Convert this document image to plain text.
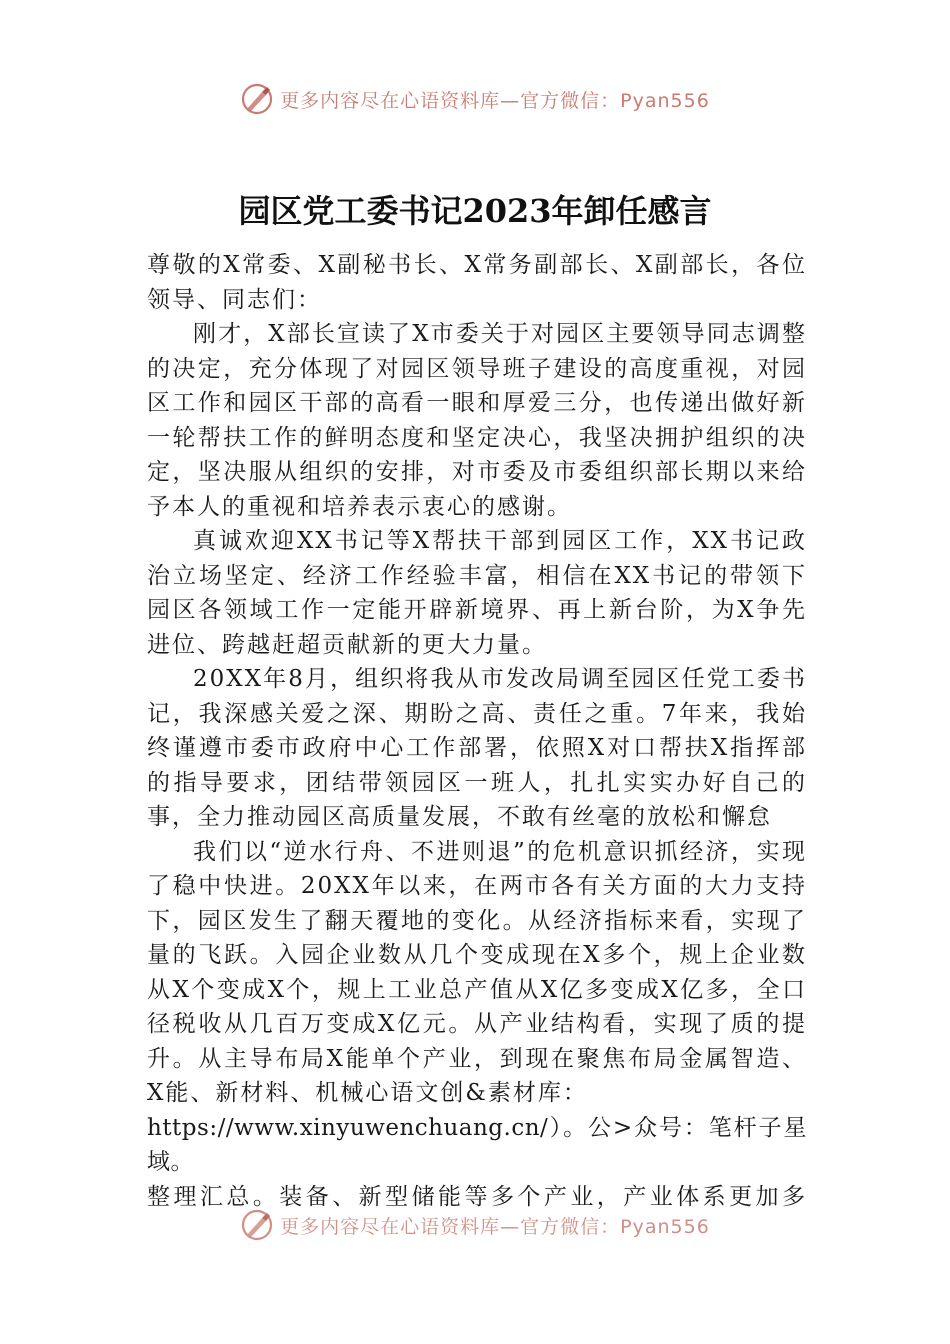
更多内容尽在心语资料库—官方微信：Pyan556
园区党工委书记2023年卸任感言

尊敬的X常委、X副秘书长、X常务副部长、X副部长，各位领导、同志们：

刚才，X部长宣读了X市委关于对园区主要领导同志调整的决定，充分体现了对园区领导班子建设的高度重视，对园区工作和园区干部的高看一眼和厚爱三分，也传递出做好新一轮帮扶工作的鲜明态度和坚定决心，我坚决拥护组织的决定，坚决服从组织的安排，对市委及市委组织部长期以来给予本人的重视和培养表示衷心的感谢。

真诚欢迎XX书记等X帮扶干部到园区工作，XX书记政治立场坚定、经济工作经验丰富，相信在XX书记的带领下园区各领域工作一定能开辟新境界、再上新台阶，为X争先进位、跨越赶超贡献新的更大力量。

20XX年8月，组织将我从市发改局调至园区任党工委书记，我深感关爱之深、期盼之高、责任之重。7年来，我始终谨遵市委市政府中心工作部署，依照X对口帮扶X指挥部的指导要求，团结带领园区一班人，扎扎实实办好自己的事，全力推动园区高质量发展，不敢有丝毫的放松和懈怠

我们以“逆水行舟、不进则退”的危机意识抓经济，实现了稳中快进。20XX年以来，在两市各有关方面的大力支持下，园区发生了翻天覆地的变化。从经济指标来看，实现了量的飞跃。入园企业数从几个变成现在X多个，规上企业数从X个变成X个，规上工业总产值从X亿多变成X亿多，全口径税收从几百万变成X亿元。从产业结构看，实现了质的提升。从主导布局X能单个产业，到现在聚焦布局金属智造、X能、新材料、机械心语文创&素材库：

https://www.xinyuwenchuang.cn/）。公>众号：笔杆子星域。

整理汇总。装备、新型储能等多个产业，产业体系更加多

更多内容尽在心语资料库—官方微信：Pyan556
